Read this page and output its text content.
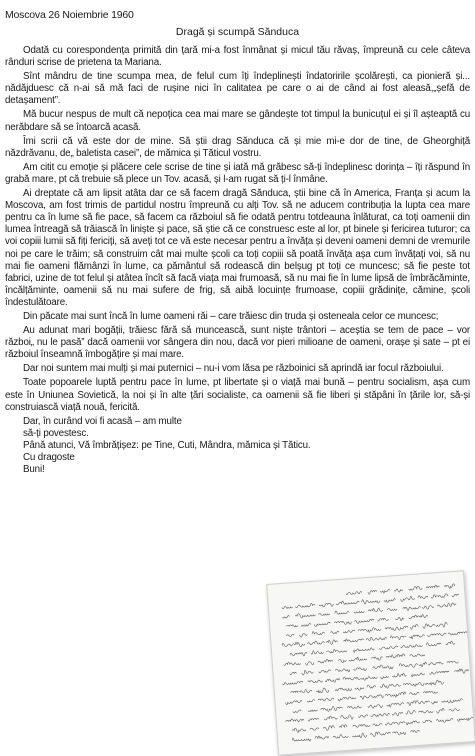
Moscova 26 Noiembrie 1960
Dragă și scumpă Sănduca

Odată cu corespondența primită din țară mi-a fost înmânat și micul tău răvaș, împreună cu cele câteva rânduri scrise de prietena ta Mariana.

Sînt mândru de tine scumpa mea, de felul cum îți îndeplinești îndatoririle școlărești, ca pionieră și... nădăjduesc că n-ai să mă faci de rușine nici în calitatea pe care o ai de când ai fost aleasă,„șefă de detașament”.

Mă bucur nespus de mult că nepoțica cea mai mare se gândește tot timpul la bunicuțul ei și îl așteaptă cu nerăbdare să se întoarcă acasă.

Îmi scrii că vă este dor de mine. Să știi drag Sănduca că și mie mi-e dor de tine, de Gheorghiță năzdrăvanu, de„ baletista casei”, de mămica și Tăticul vostru.

Am citit cu emoție și plăcere cele scrise de tine și iată mă grăbesc să-ți îndeplinesc dorința – îți răspund în grabă mare, pt că trebuie să plece un Tov. acasă, și l-am rugat să ți-l înmâne.

Ai dreptate că am lipsit atâta dar ce să facem dragă Sănduca, știi bine că în America, Franța și acum la Moscova, am fost trimis de partidul nostru împreună cu alți Tov. să ne aducem contribuția la lupta cea mare pentru ca în lume să fie pace, să facem ca războiul să fie odată pentru totdeauna înlăturat, ca toți oamenii din lumea întreagă să trăiască în liniște și pace, să știe că ce construesc este al lor, pt binele și fericirea tuturor; ca voi copiii lumii să fiți fericiți, să aveți tot ce vă este necesar pentru a învăța și deveni oameni demni de vremurile noi pe care le trăim; să construim cât mai multe școli ca toți copiii să poată învăța așa cum învățați voi, să nu mai fie oameni flămânzi în lume, ca pământul să rodească din belșug pt toți ce muncesc; să fie peste tot fabrici, uzine de tot felul și atâtea încît să facă viața mai frumoasă, să nu mai fie în lume lipsă de îmbrăcăminte, încălțăminte, oamenii să nu mai sufere de frig, să aibă locuințe frumoase, copiii grădinițe, cămine, școli îndestulătoare.

Din păcate mai sunt încă în lume oameni răi – care trăiesc din truda și osteneala celor ce muncesc;

Au adunat mari bogății, trăiesc fără să muncească, sunt niște trântori – aceștia se tem de pace – vor război„ nu le pasă” dacă oamenii vor sângera din nou, dacă vor pieri milioane de oameni, orașe și sate – pt ei războiul înseamnă îmbogățire și mai mare.

Dar noi suntem mai mulți și mai puternici – nu-i vom lăsa pe războinici să aprindă iar focul războiului.

Toate popoarele luptă pentru pace în lume, pt libertate și o viață mai bună – pentru socialism, așa cum este în Uniunea Sovietică, la noi și în alte țări socialiste, ca oamenii să fie liberi și stăpâni în țările lor, să-și construiască viață nouă, fericită.

Dar, în curând voi fi acasă – am multe

să-ți povestesc.

Până atunci, Vă îmbrățișez: pe Tine, Cuti, Mândra, mămica și Tăticu.

Cu dragoste

Buni!
